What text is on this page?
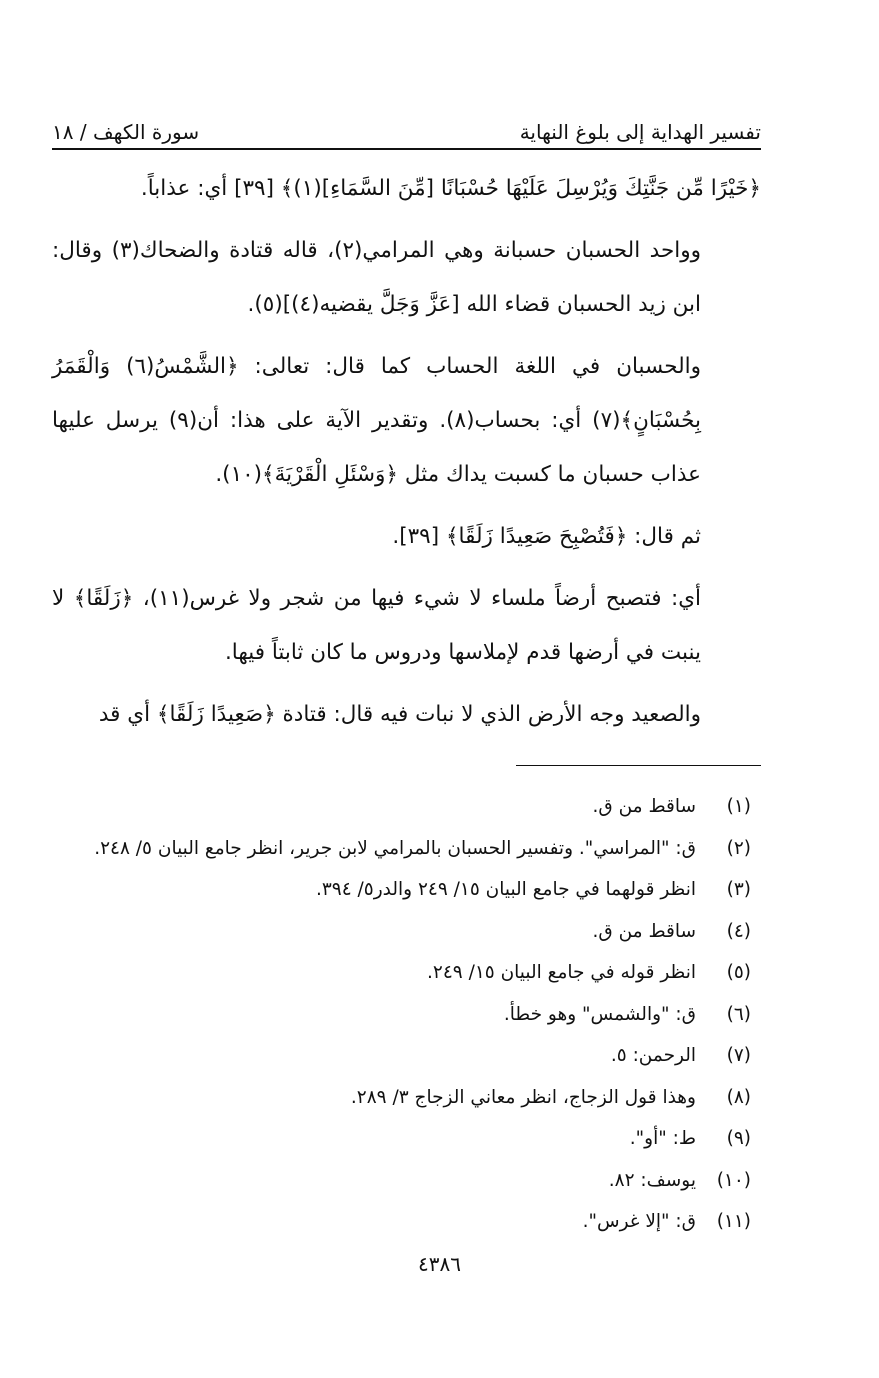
تفسير الهداية إلى بلوغ النهاية
سورة الكهف / ١٨

﴿خَيْرًا مِّن جَنَّتِكَ وَيُرْسِلَ عَلَيْهَا حُسْبَانًا [مِّنَ السَّمَاءِ](١)﴾ [٣٩] أي: عذاباً.

وواحد الحسبان حسبانة وهي المرامي(٢)، قاله قتادة والضحاك(٣) وقال: ابن زيد الحسبان قضاء الله [عَزَّ وَجَلَّ يقضيه(٤)](٥).

والحسبان في اللغة الحساب كما قال: تعالى: ﴿الشَّمْسُ(٦) وَالْقَمَرُ بِحُسْبَانٍ﴾(٧) أي: بحساب(٨). وتقدير الآية على هذا: أن(٩) يرسل عليها عذاب حسبان ما كسبت يداك مثل ﴿وَسْئَلِ الْقَرْيَةَ﴾(١٠).

ثم قال: ﴿فَتُصْبِحَ صَعِيدًا زَلَقًا﴾ [٣٩].

أي: فتصبح أرضاً ملساء لا شيء فيها من شجر ولا غرس(١١)، ﴿زَلَقًا﴾ لا ينبت في أرضها قدم لإملاسها ودروس ما كان ثابتاً فيها.

والصعيد وجه الأرض الذي لا نبات فيه قال: قتادة ﴿صَعِيدًا زَلَقًا﴾ أي قد

(١)
ساقط من ق.
(٢)
ق: "المراسي". وتفسير الحسبان بالمرامي لابن جرير، انظر جامع البيان ٥/ ٢٤٨.
(٣)
انظر قولهما في جامع البيان ١٥/ ٢٤٩ والدر٥/ ٣٩٤.
(٤)
ساقط من ق.
(٥)
انظر قوله في جامع البيان ١٥/ ٢٤٩.
(٦)
ق: "والشمس" وهو خطأ.
(٧)
الرحمن: ٥.
(٨)
وهذا قول الزجاج، انظر معاني الزجاج ٣/ ٢٨٩.
(٩)
ط: "أو".
(١٠)
يوسف: ٨٢.
(١١)
ق: "إلا غرس".
٤٣٨٦
